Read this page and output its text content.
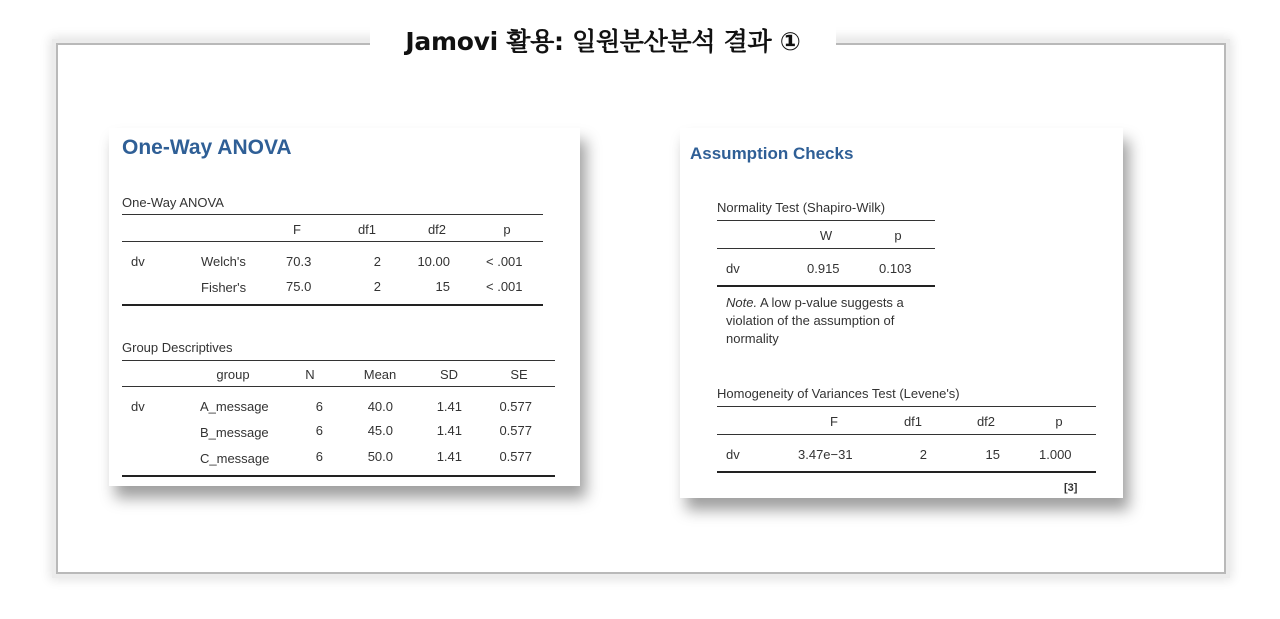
Jamovi 활용: 일원분산분석 결과 ①
One-Way ANOVA
One-Way ANOVA
F	df1	df2	p
dv	Welch's	70.3	2	10.00	< .001
Fisher's	75.0	2	15	< .001
Group Descriptives
group	N	Mean	SD	SE
dv	A_message	6	40.0	1.41	0.577
B_message	6	45.0	1.41	0.577
C_message	6	50.0	1.41	0.577
Assumption Checks
Normality Test (Shapiro-Wilk)
W	p
dv	0.915	0.103
Note. A low p-value suggests a violation of the assumption of normality
Homogeneity of Variances Test (Levene's)
F	df1	df2	p
dv	3.47e−31	2	15	1.000
[3]
